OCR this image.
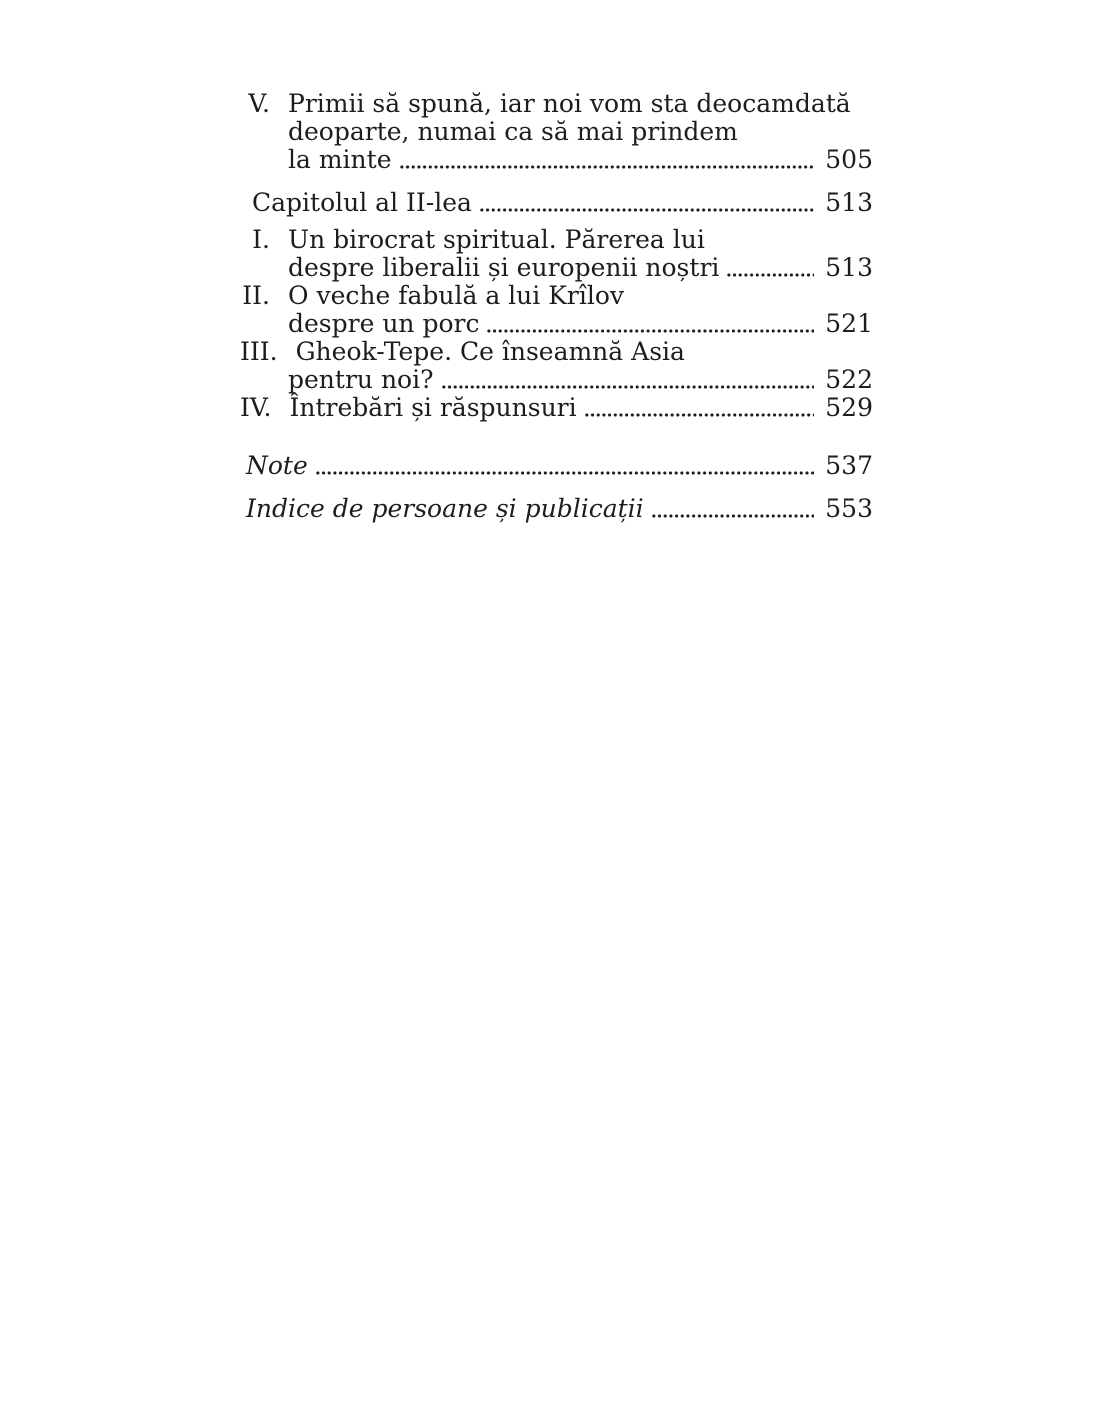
V. Primii să spună, iar noi vom sta deocamdată
deoparte, numai ca să mai prindem
la minte	505
Capitolul al II-lea	513
I. Un birocrat spiritual. Părerea lui
despre liberalii și europenii noștri	513
II. O veche fabulă a lui Krîlov
despre un porc	521
III. Gheok-Tepe. Ce înseamnă Asia
pentru noi?	522
IV. Întrebări și răspunsuri	529
Note	537
Indice de persoane și publicații	553
